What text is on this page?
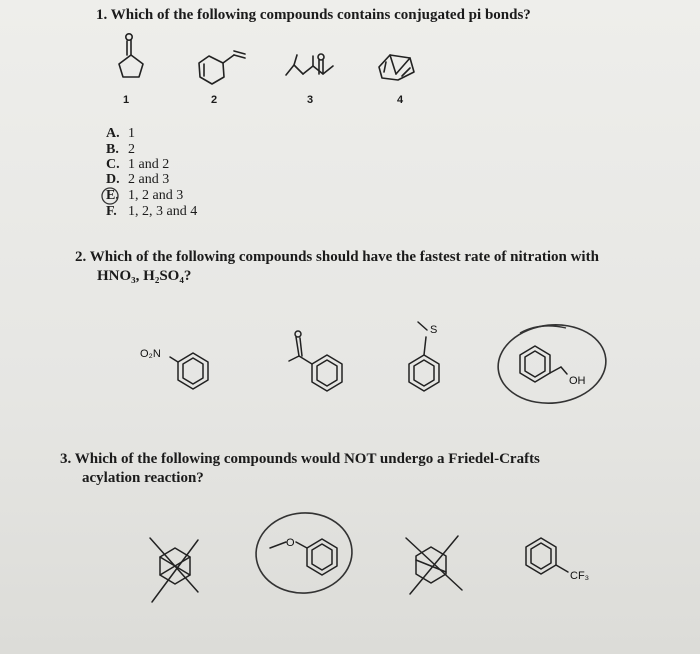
1. Which of the following compounds contains conjugated pi bonds?
1	2	3	4
A. 1
B. 2
C. 1 and 2
D. 2 and 3
E. 1, 2 and 3
F. 1, 2, 3 and 4
2. Which of the following compounds should have the fastest rate of nitration with
HNO₃, H₂SO₄?
O₂N
S
OH
3. Which of the following compounds would NOT undergo a Friedel-Crafts
acylation reaction?
O
CF₃
